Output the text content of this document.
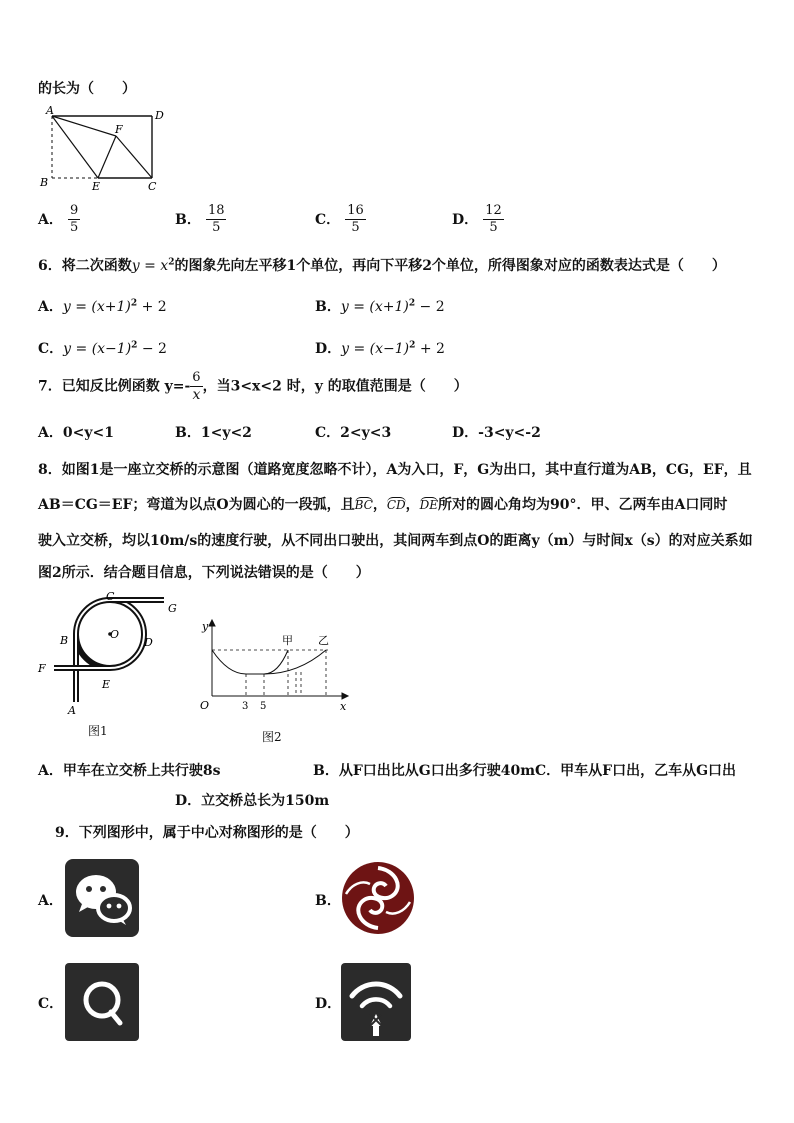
的长为（　　）
A	D
F
B	E	C
A． $\frac{9}{5}$	B． $\frac{18}{5}$	C． $\frac{16}{5}$	D． $\frac{12}{5}$
6．将二次函数$y = x^2$的图象先向左平移1个单位，再向下平移2个单位，所得图象对应的函数表达式是（　　）
A．$y = (x+1)^2 + 2$	B．$y = (x+1)^2 - 2$
C．$y = (x-1)^2 - 2$	D．$y = (x-1)^2 + 2$
7．已知反比例函数 $y=- \frac{6}{x}$ ，当3<x<2 时，y 的取值范围是（　　）
A．0<y<1	B．1<y<2	C．2<y<3	D．-3<y<-2
8．如图1是一座立交桥的示意图（道路宽度忽略不计），A为入口，F，G为出口，其中直行道为AB，CG，EF，且
AB＝CG＝EF；弯道为以点O为圆心的一段弧，且BC，CD，DE所对的圆心角均为90°．甲、乙两车由A口同时
驶入立交桥，均以10m/s的速度行驶，从不同出口驶出，其间两车到点O的距离y（m）与时间x（s）的对应关系如
图2所示．结合题目信息，下列说法错误的是（　　）
C
G
B	O
D
F
E
A
图1
y
甲 乙
O	3 5	x
图2
A．甲车在立交桥上共行驶8s	B．从F口出比从G口出多行驶40mC．甲车从F口出，乙车从G口出
D．立交桥总长为150m
9．下列图形中，属于中心对称图形的是（　　）
A．	B．
C．	D．
